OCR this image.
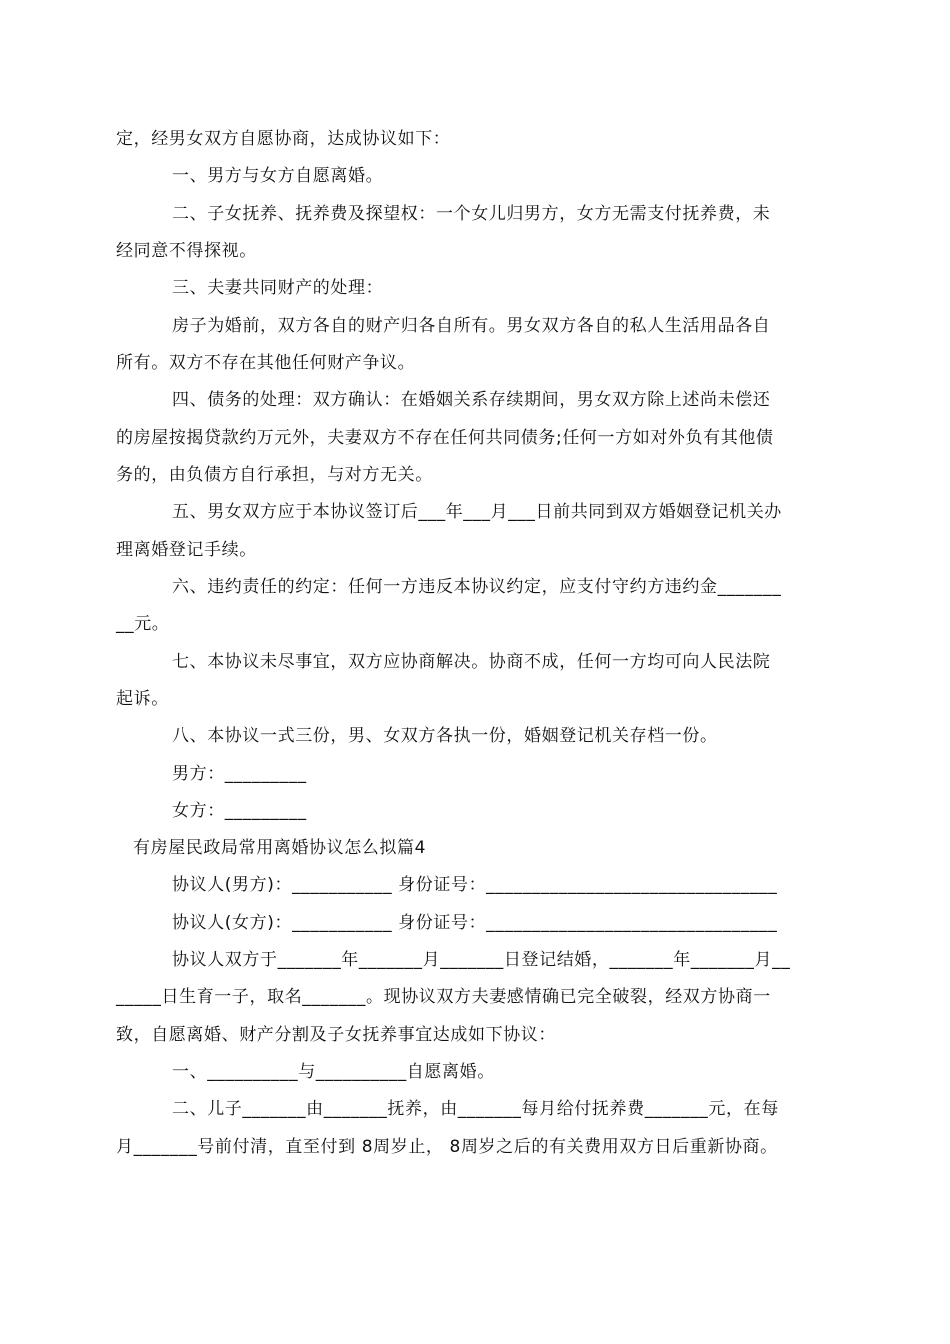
定，经男女双方自愿协商，达成协议如下：
一、男方与女方自愿离婚。
二、子女抚养、抚养费及探望权：一个女儿归男方，女方无需支付抚养费，未
经同意不得探视。
三、夫妻共同财产的处理：
房子为婚前，双方各自的财产归各自所有。男女双方各自的私人生活用品各自
所有。双方不存在其他任何财产争议。
四、债务的处理：双方确认：在婚姻关系存续期间，男女双方除上述尚未偿还
的房屋按揭贷款约万元外，夫妻双方不存在任何共同债务;任何一方如对外负有其他债
务的，由负债方自行承担，与对方无关。
五、男女双方应于本协议签订后___年___月___日前共同到双方婚姻登记机关办
理离婚登记手续。
六、违约责任的约定：任何一方违反本协议约定，应支付守约方违约金_______
__元。
七、本协议未尽事宜，双方应协商解决。协商不成，任何一方均可向人民法院
起诉。
八、本协议一式三份，男、女双方各执一份，婚姻登记机关存档一份。
男方：_________
女方：_________
有房屋民政局常用离婚协议怎么拟篇4
协议人(男方)：___________ 身份证号：________________________________
协议人(女方)：___________ 身份证号：________________________________
协议人双方于_______年_______月_______日登记结婚，_______年_______月__
_____日生育一子，取名_______。现协议双方夫妻感情确已完全破裂，经双方协商一
致，自愿离婚、财产分割及子女抚养事宜达成如下协议：
一、__________与__________自愿离婚。
二、儿子_______由_______抚养，由_______每月给付抚养费_______元，在每
月_______号前付清，直至付到 8周岁止， 8周岁之后的有关费用双方日后重新协商。
